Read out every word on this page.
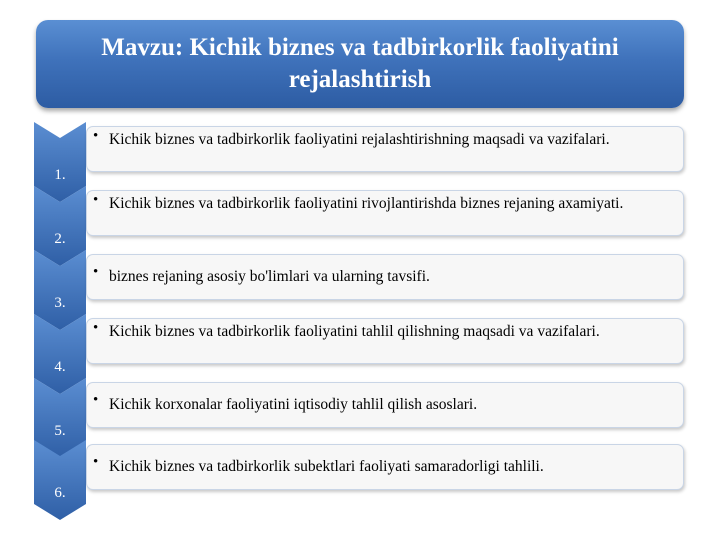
Mavzu: Kichik biznes va tadbirkorlik faoliyatini rejalashtirish
1.
• Kichik biznes va tadbirkorlik faoliyatini rejalashtirishning maqsadi va vazifalari.
2.
• Kichik biznes va tadbirkorlik faoliyatini rivojlantirishda biznes rejaning axamiyati.
3.
• biznes rejaning asosiy bo'limlari va ularning tavsifi.
4.
• Kichik biznes va tadbirkorlik faoliyatini tahlil qilishning maqsadi va vazifalari.
5.
• Kichik korxonalar faoliyatini iqtisodiy tahlil qilish asoslari.
6.
• Kichik biznes va tadbirkorlik subektlari faoliyati samaradorligi tahlili.
